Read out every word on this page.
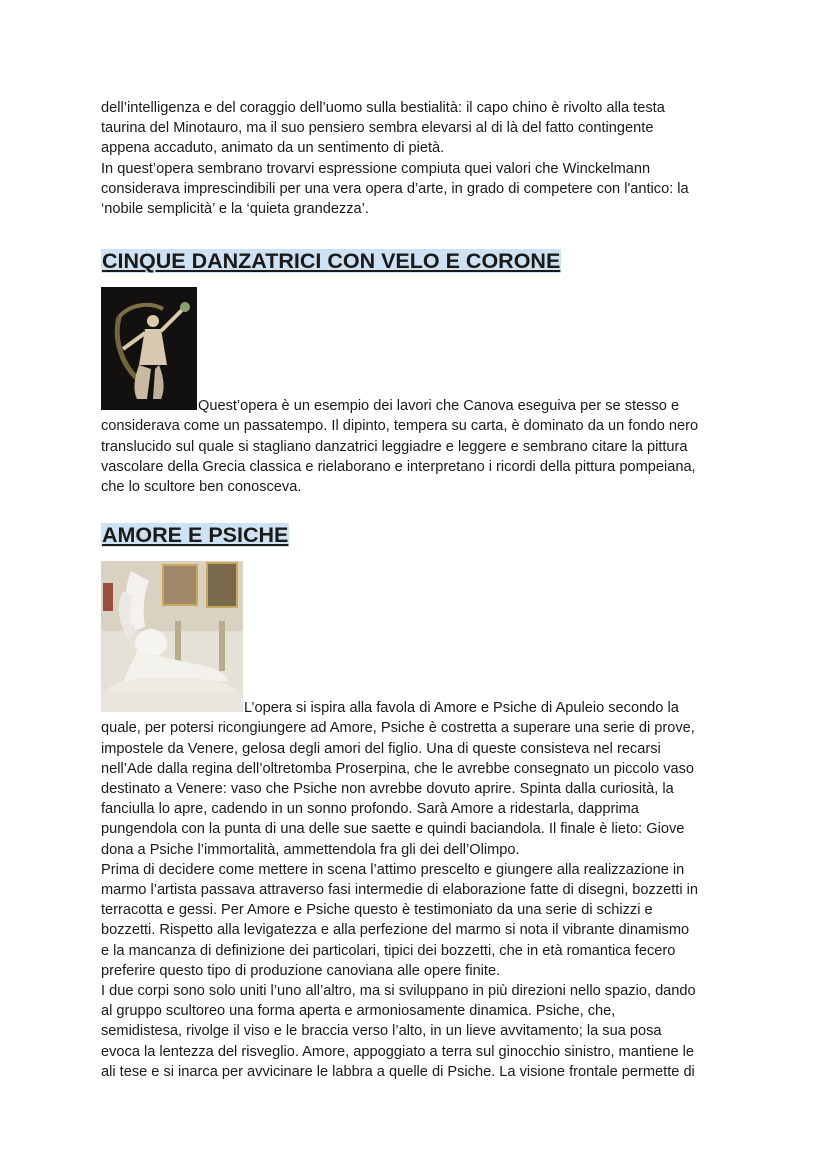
dell’intelligenza e del coraggio dell’uomo sulla bestialità: il capo chino è rivolto alla testa

taurina del Minotauro, ma il suo pensiero sembra elevarsi al di là del fatto contingente

appena accaduto, animato da un sentimento di pietà.

In quest’opera sembrano trovarvi espressione compiuta quei valori che Winckelmann

considerava imprescindibili per una vera opera d’arte, in grado di competere con l'antico: la

‘nobile semplicità’ e la ‘quieta grandezza’.

CINQUE DANZATRICI CON VELO E CORONE

Quest’opera è un esempio dei lavori che Canova eseguiva per se stesso e

considerava come un passatempo. Il dipinto, tempera su carta, è dominato da un fondo nero

translucido sul quale si stagliano danzatrici leggiadre e leggere e sembrano citare la pittura

vascolare della Grecia classica e rielaborano e interpretano i ricordi della pittura pompeiana,

che lo scultore ben conosceva.

AMORE E PSICHE

L’opera si ispira alla favola di Amore e Psiche di Apuleio secondo la

quale, per potersi ricongiungere ad Amore, Psiche è costretta a superare una serie di prove,

impostele da Venere, gelosa degli amori del figlio. Una di queste consisteva nel recarsi

nell’Ade dalla regina dell’oltretomba Proserpina, che le avrebbe consegnato un piccolo vaso

destinato a Venere: vaso che Psiche non avrebbe dovuto aprire. Spinta dalla curiosità, la

fanciulla lo apre, cadendo in un sonno profondo. Sarà Amore a ridestarla, dapprima

pungendola con la punta di una delle sue saette e quindi baciandola. Il finale è lieto: Giove

dona a Psiche l’immortalità, ammettendola fra gli dei dell’Olimpo.

Prima di decidere come mettere in scena l’attimo prescelto e giungere alla realizzazione in

marmo l’artista passava attraverso fasi intermedie di elaborazione fatte di disegni, bozzetti in

terracotta e gessi. Per Amore e Psiche questo è testimoniato da una serie di schizzi e

bozzetti. Rispetto alla levigatezza e alla perfezione del marmo si nota il vibrante dinamismo

e la mancanza di definizione dei particolari, tipici dei bozzetti, che in età romantica fecero

preferire questo tipo di produzione canoviana alle opere finite.

I due corpi sono solo uniti l’uno all’altro, ma si sviluppano in più direzioni nello spazio, dando

al gruppo scultoreo una forma aperta e armoniosamente dinamica. Psiche, che,

semidistesa, rivolge il viso e le braccia verso l’alto, in un lieve avvitamento; la sua posa

evoca la lentezza del risveglio. Amore, appoggiato a terra sul ginocchio sinistro, mantiene le

ali tese e si inarca per avvicinare le labbra a quelle di Psiche. La visione frontale permette di
